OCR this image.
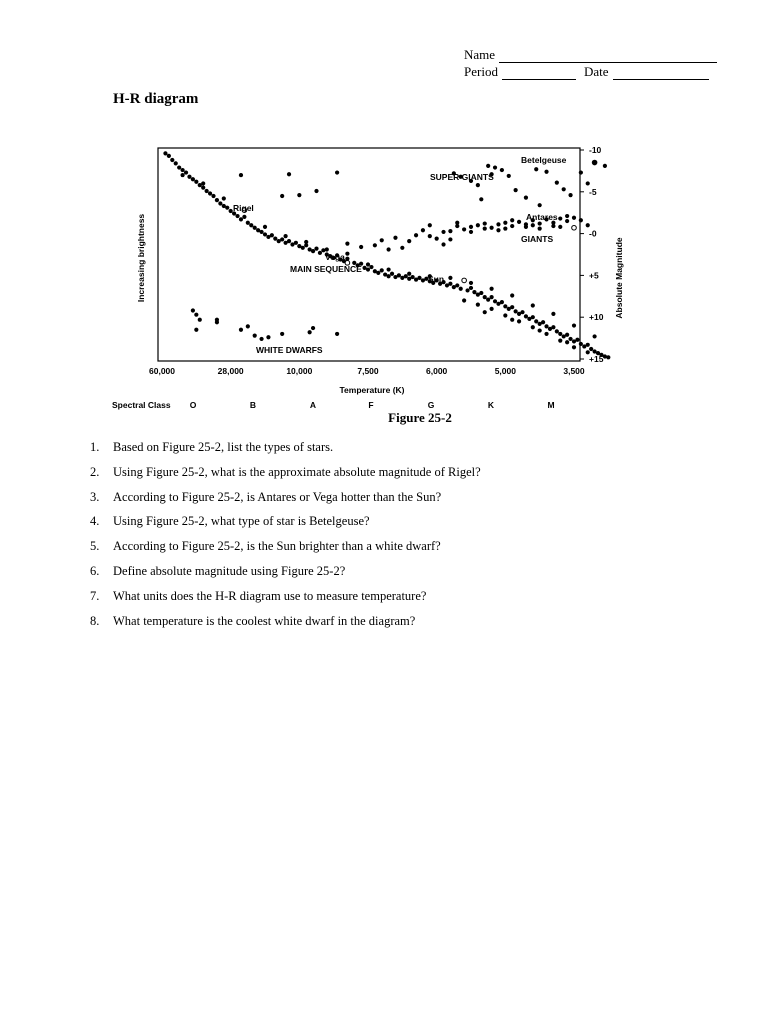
Name
Period	Date
H-R diagram
60,000	28,000	10,000	7,500	6,000	5,000	3,500
-10
-5
-0
+5
+10
+15
SUPER GIANTS
GIANTS
MAIN SEQUENCE
WHITE DWARFS
Betelgeuse
Rigel
Antares
Vega
Sun
Increasing brightness	Absolute Magnitude
Temperature (K)
Spectral Class O	B	A	F	G	K	M
Figure 25-2
1.	Based on Figure 25-2, list the types of stars.
2.	Using Figure 25-2, what is the approximate absolute magnitude of Rigel?
3.	According to Figure 25-2, is Antares or Vega hotter than the Sun?
4.	Using Figure 25-2, what type of star is Betelgeuse?
5.	According to Figure 25-2, is the Sun brighter than a white dwarf?
6.	Define absolute magnitude using Figure 25-2?
7.	What units does the H-R diagram use to measure temperature?
8.	What temperature is the coolest white dwarf in the diagram?
